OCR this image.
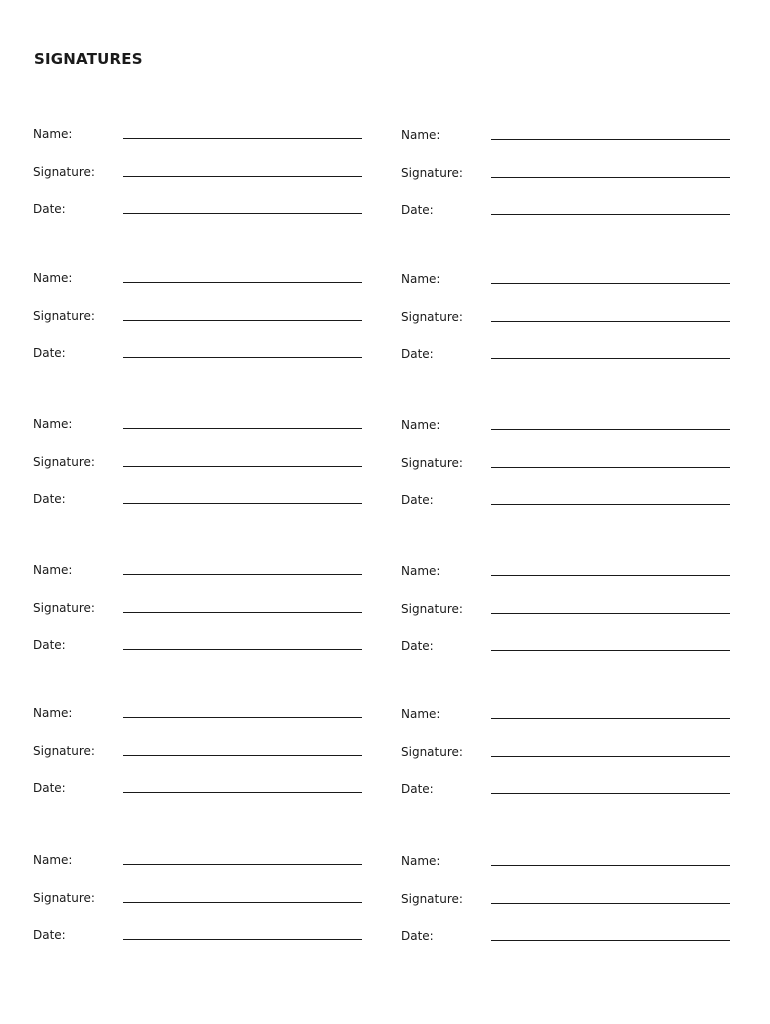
SIGNATURES
Name:
Signature:
Date:
Name:
Signature:
Date:
Name:
Signature:
Date:
Name:
Signature:
Date:
Name:
Signature:
Date:
Name:
Signature:
Date:
Name:
Signature:
Date:
Name:
Signature:
Date:
Name:
Signature:
Date:
Name:
Signature:
Date:
Name:
Signature:
Date:
Name:
Signature:
Date:
